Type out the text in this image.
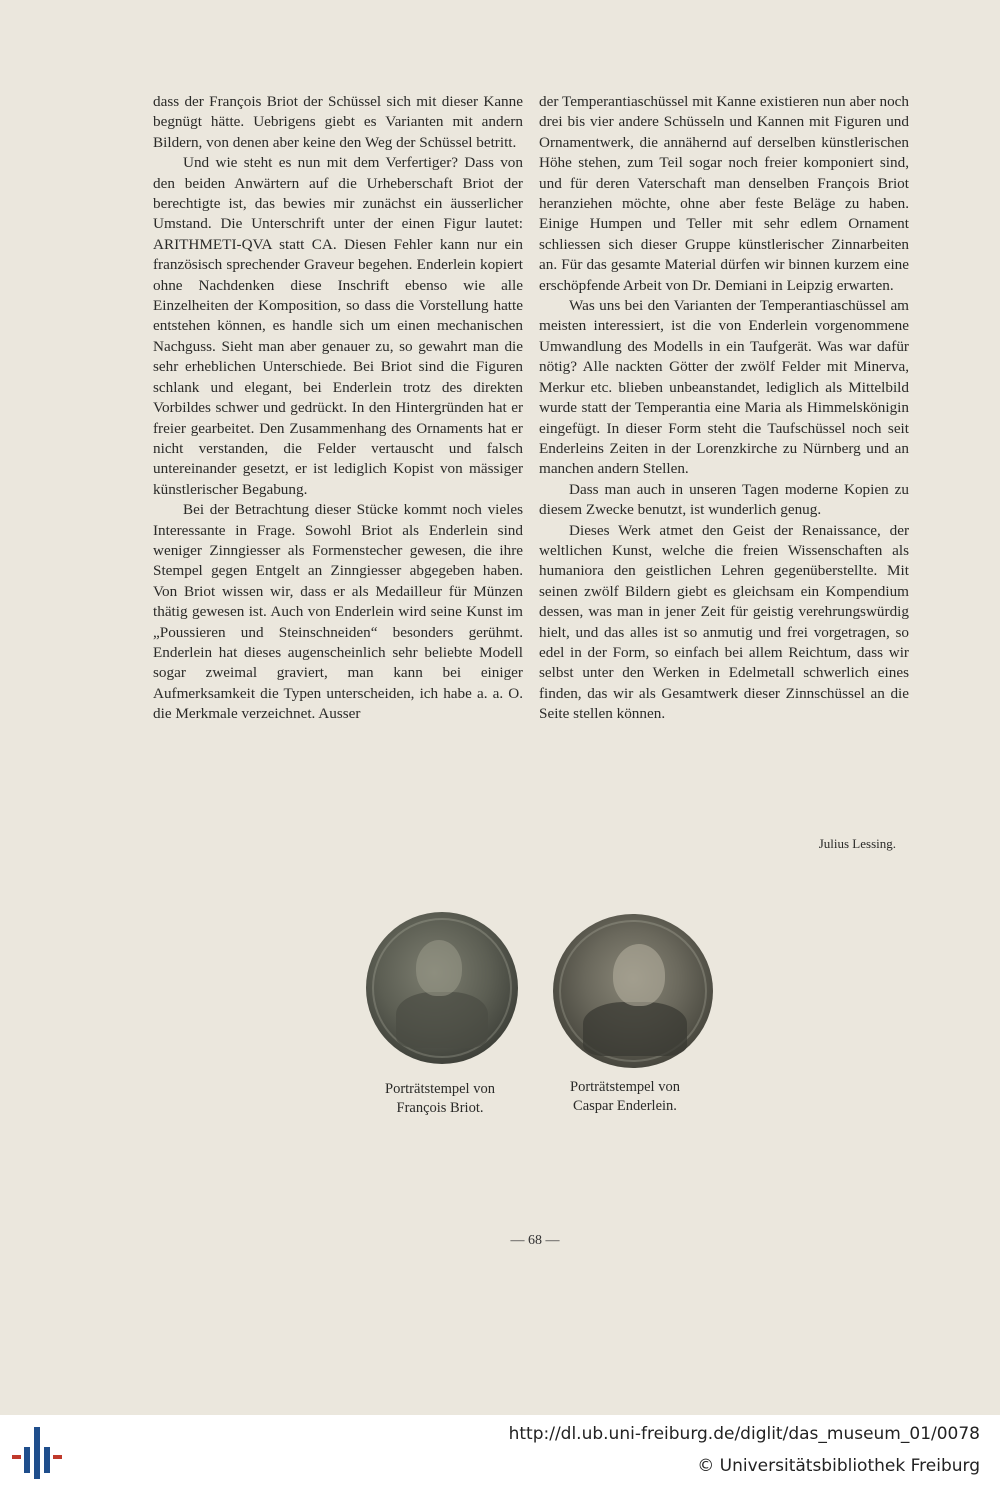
dass der François Briot der Schüssel sich mit dieser Kanne begnügt hätte. Uebrigens giebt es Varianten mit andern Bildern, von denen aber keine den Weg der Schüssel betritt.

Und wie steht es nun mit dem Verfertiger? Dass von den beiden Anwärtern auf die Urheberschaft Briot der berechtigte ist, das bewies mir zunächst ein äusserlicher Umstand. Die Unterschrift unter der einen Figur lautet: ARITHMETI-QVA statt CA. Diesen Fehler kann nur ein französisch sprechender Graveur begehen. Enderlein kopiert ohne Nachdenken diese Inschrift ebenso wie alle Einzelheiten der Komposition, so dass die Vorstellung hatte entstehen können, es handle sich um einen mechanischen Nachguss. Sieht man aber genauer zu, so gewahrt man die sehr erheblichen Unterschiede. Bei Briot sind die Figuren schlank und elegant, bei Enderlein trotz des direkten Vorbildes schwer und gedrückt. In den Hintergründen hat er freier gearbeitet. Den Zusammenhang des Ornaments hat er nicht verstanden, die Felder vertauscht und falsch untereinander gesetzt, er ist lediglich Kopist von mässiger künstlerischer Begabung.

Bei der Betrachtung dieser Stücke kommt noch vieles Interessante in Frage. Sowohl Briot als Enderlein sind weniger Zinngiesser als Formenstecher gewesen, die ihre Stempel gegen Entgelt an Zinngiesser abgegeben haben. Von Briot wissen wir, dass er als Medailleur für Münzen thätig gewesen ist. Auch von Enderlein wird seine Kunst im „Poussieren und Steinschneiden“ besonders gerühmt. Enderlein hat dieses augenscheinlich sehr beliebte Modell sogar zweimal graviert, man kann bei einiger Aufmerksamkeit die Typen unterscheiden, ich habe a. a. O. die Merkmale verzeichnet. Ausser

der Temperantiaschüssel mit Kanne existieren nun aber noch drei bis vier andere Schüsseln und Kannen mit Figuren und Ornamentwerk, die annähernd auf derselben künstlerischen Höhe stehen, zum Teil sogar noch freier komponiert sind, und für deren Vaterschaft man denselben François Briot heranziehen möchte, ohne aber feste Beläge zu haben. Einige Humpen und Teller mit sehr edlem Ornament schliessen sich dieser Gruppe künstlerischer Zinnarbeiten an. Für das gesamte Material dürfen wir binnen kurzem eine erschöpfende Arbeit von Dr. Demiani in Leipzig erwarten.

Was uns bei den Varianten der Temperantiaschüssel am meisten interessiert, ist die von Enderlein vorgenommene Umwandlung des Modells in ein Taufgerät. Was war dafür nötig? Alle nackten Götter der zwölf Felder mit Minerva, Merkur etc. blieben unbeanstandet, lediglich als Mittelbild wurde statt der Temperantia eine Maria als Himmelskönigin eingefügt. In dieser Form steht die Taufschüssel noch seit Enderleins Zeiten in der Lorenzkirche zu Nürnberg und an manchen andern Stellen.

Dass man auch in unseren Tagen moderne Kopien zu diesem Zwecke benutzt, ist wunderlich genug.

Dieses Werk atmet den Geist der Renaissance, der weltlichen Kunst, welche die freien Wissenschaften als humaniora den geistlichen Lehren gegenüberstellte. Mit seinen zwölf Bildern giebt es gleichsam ein Kompendium dessen, was man in jener Zeit für geistig verehrungswürdig hielt, und das alles ist so anmutig und frei vorgetragen, so edel in der Form, so einfach bei allem Reichtum, dass wir selbst unter den Werken in Edelmetall schwerlich eines finden, das wir als Gesamtwerk dieser Zinnschüssel an die Seite stellen können.

Julius Lessing.
Porträtstempel von
François Briot.
Porträtstempel von
Caspar Enderlein.
— 68 —
http://dl.ub.uni-freiburg.de/diglit/das_museum_01/0078
© Universitätsbibliothek Freiburg
